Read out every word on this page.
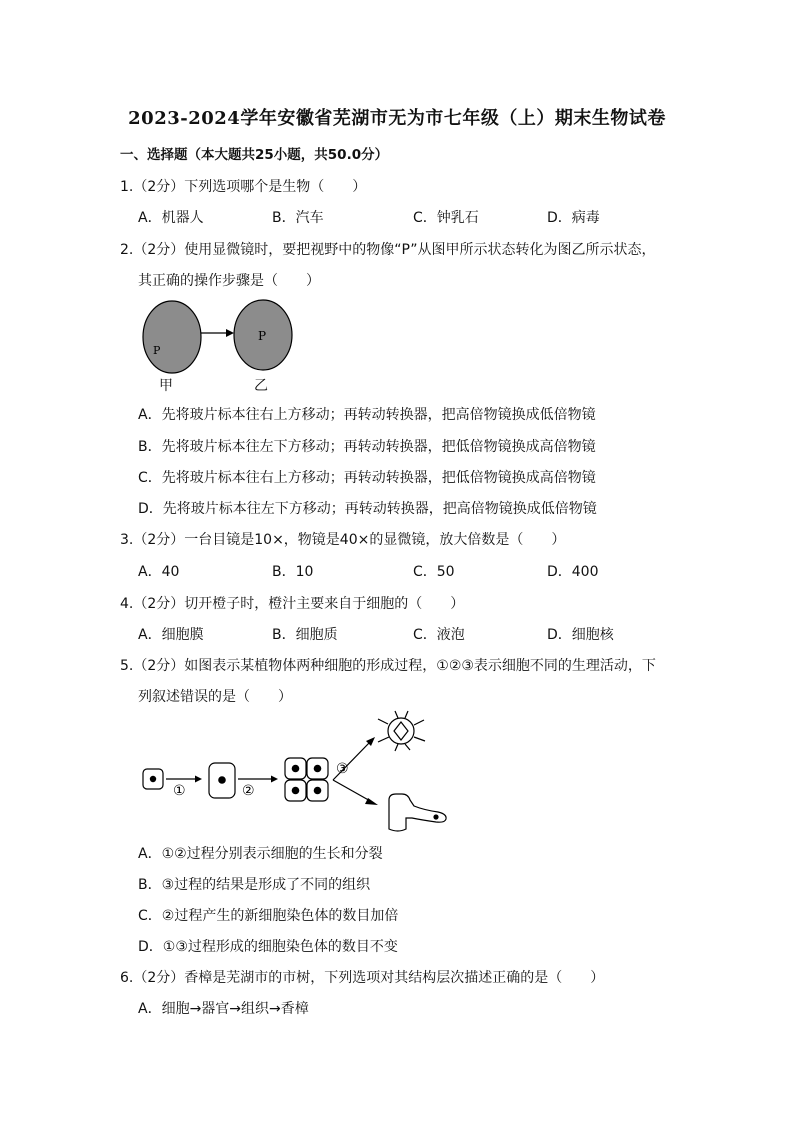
2023-2024学年安徽省芜湖市无为市七年级（上）期末生物试卷
一、选择题（本大题共25小题，共50.0分）
1.（2分）下列选项哪个是生物（　　）
A．机器人	B．汽车	C．钟乳石	D．病毒
2.（2分）使用显微镜时，要把视野中的物像“P”从图甲所示状态转化为图乙所示状态，
其正确的操作步骤是（　　）
P
P
甲	乙
A．先将玻片标本往右上方移动；再转动转换器，把高倍物镜换成低倍物镜
B．先将玻片标本往左下方移动；再转动转换器，把低倍物镜换成高倍物镜
C．先将玻片标本往右上方移动；再转动转换器，把低倍物镜换成高倍物镜
D．先将玻片标本往左下方移动；再转动转换器，把高倍物镜换成低倍物镜
3.（2分）一台目镜是10×，物镜是40×的显微镜，放大倍数是（　　）
A．40	B．10	C．50	D．400
4.（2分）切开橙子时，橙汁主要来自于细胞的（　　）
A．细胞膜	B．细胞质	C．液泡	D．细胞核
5.（2分）如图表示某植物体两种细胞的形成过程，①②③表示细胞不同的生理活动，下
列叙述错误的是（　　）
①	②
③
A．①②过程分别表示细胞的生长和分裂
B．③过程的结果是形成了不同的组织
C．②过程产生的新细胞染色体的数目加倍
D．①③过程形成的细胞染色体的数目不变
6.（2分）香樟是芜湖市的市树，下列选项对其结构层次描述正确的是（　　）
A．细胞→器官→组织→香樟
